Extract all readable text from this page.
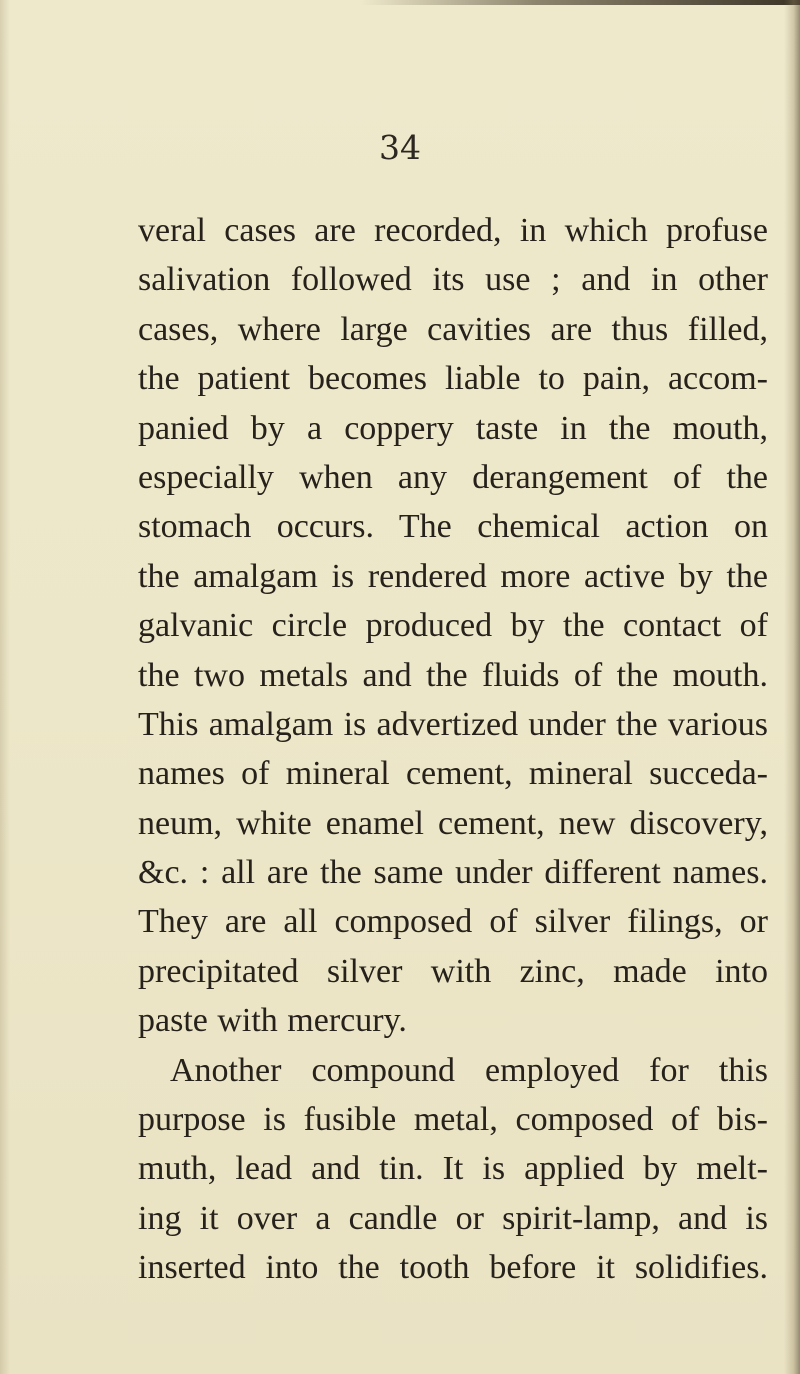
34
veral cases are recorded, in which profuse
salivation followed its use ; and in other
cases, where large cavities are thus filled,
the patient becomes liable to pain, accom-
panied by a coppery taste in the mouth,
especially when any derangement of the
stomach occurs. The chemical action on
the amalgam is rendered more active by the
galvanic circle produced by the contact of
the two metals and the fluids of the mouth.
This amalgam is advertized under the various
names of mineral cement, mineral succeda-
neum, white enamel cement, new discovery,
&c. : all are the same under different names.
They are all composed of silver filings, or
precipitated silver with zinc, made into
paste with mercury.
Another compound employed for this
purpose is fusible metal, composed of bis-
muth, lead and tin. It is applied by melt-
ing it over a candle or spirit-lamp, and is
inserted into the tooth before it solidifies.
